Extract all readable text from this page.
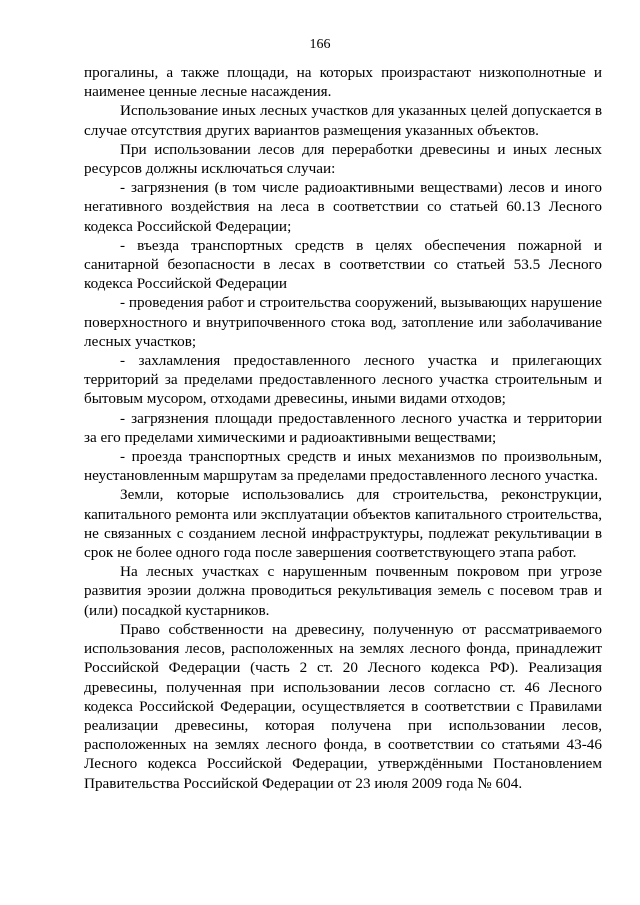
166

прогалины, а также площади, на которых произрастают низкополнотные и наименее ценные лесные насаждения.

Использование иных лесных участков для указанных целей допускается в случае отсутствия других вариантов размещения указанных объектов.

При использовании лесов для переработки древесины и иных лесных ресурсов должны исключаться случаи:

- загрязнения (в том числе радиоактивными веществами) лесов и иного негативного воздействия на леса в соответствии со статьей 60.13 Лесного кодекса Российской Федерации;

- въезда транспортных средств в целях обеспечения пожарной и санитарной безопасности в лесах в соответствии со статьей 53.5 Лесного кодекса Российской Федерации

- проведения работ и строительства сооружений, вызывающих нарушение поверхностного и внутрипочвенного стока вод, затопление или заболачивание лесных участков;

- захламления предоставленного лесного участка и прилегающих территорий за пределами предоставленного лесного участка строительным и бытовым мусором, отходами древесины, иными видами отходов;

- загрязнения площади предоставленного лесного участка и территории за его пределами химическими и радиоактивными веществами;

- проезда транспортных средств и иных механизмов по произвольным, неустановленным маршрутам за пределами предоставленного лесного участка.

Земли, которые использовались для строительства, реконструкции, капитального ремонта или эксплуатации объектов капитального строительства, не связанных с созданием лесной инфраструктуры, подлежат рекультивации в срок не более одного года после завершения соответствующего этапа работ.

На лесных участках с нарушенным почвенным покровом при угрозе развития эрозии должна проводиться рекультивация земель с посевом трав и (или) посадкой кустарников.

Право собственности на древесину, полученную от рассматриваемого использования лесов, расположенных на землях лесного фонда, принадлежит Российской Федерации (часть 2 ст. 20 Лесного кодекса РФ). Реализация древесины, полученная при использовании лесов согласно ст. 46 Лесного кодекса Российской Федерации, осуществляется в соответствии с Правилами реализации древесины, которая получена при использовании лесов, расположенных на землях лесного фонда, в соответствии со статьями 43-46 Лесного кодекса Российской Федерации, утверждёнными Постановлением Правительства Российской Федерации от 23 июля 2009 года № 604.
